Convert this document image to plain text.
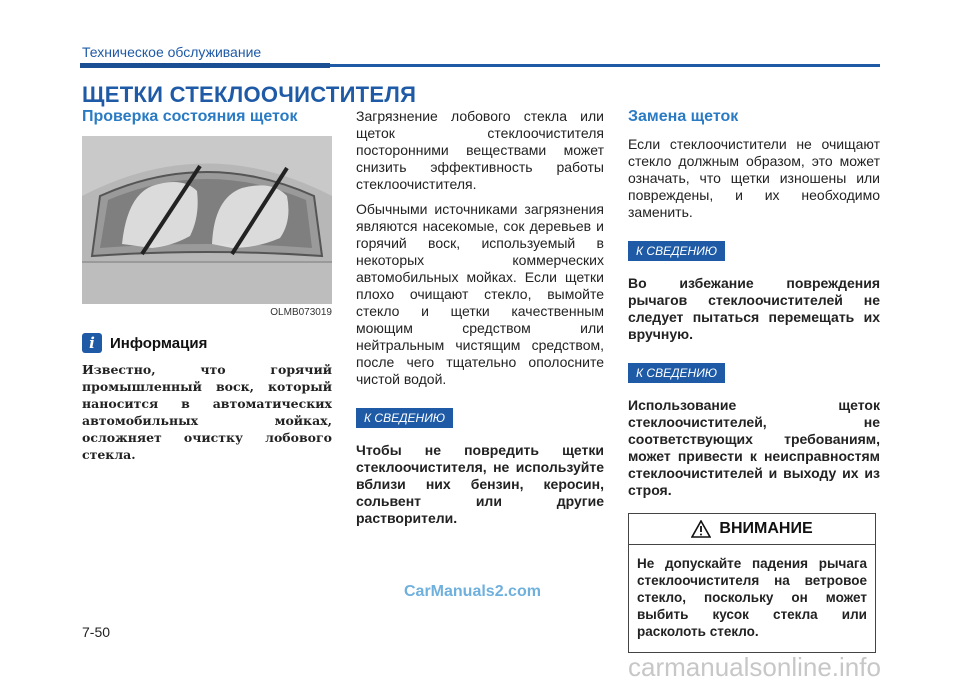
Техническое обслуживание
ЩЕТКИ СТЕКЛООЧИСТИТЕЛЯ
Проверка состояния щеток
OLMB073019
i	Информация

Известно, что горячий промышленный воск, который наносится в автоматических автомобильных мойках, осложняет очистку лобового стекла.

Загрязнение лобового стекла или щеток стеклоочистителя посторонними веществами может снизить эффективность работы стеклоочистителя.

Обычными источниками загрязнения являются насекомые, сок деревьев и горячий воск, используемый в некоторых коммерческих автомобильных мойках. Если щетки плохо очищают стекло, вымойте стекло и щетки качественным моющим средством или нейтральным чистящим средством, после чего тщательно ополосните чистой водой.

К СВЕДЕНИЮ

Чтобы не повредить щетки стеклоочистителя, не используйте вблизи них бензин, керосин, сольвент или другие растворители.

Замена щеток

Если стеклоочистители не очищают стекло должным образом, это может означать, что щетки изношены или повреждены, и их необходимо заменить.

К СВЕДЕНИЮ

Во избежание повреждения рычагов стеклоочистителей не следует пытаться перемещать их вручную.

К СВЕДЕНИЮ

Использование щеток стеклоочистителей, не соответствующих требованиям, может привести к неисправностям стеклоочистителей и выходу их из строя.

ВНИМАНИЕ

Не допускайте падения рычага стеклоочистителя на ветровое стекло, поскольку он может выбить кусок стекла или расколоть стекло.

7-50
CarManuals2.com
carmanualsonline.info
